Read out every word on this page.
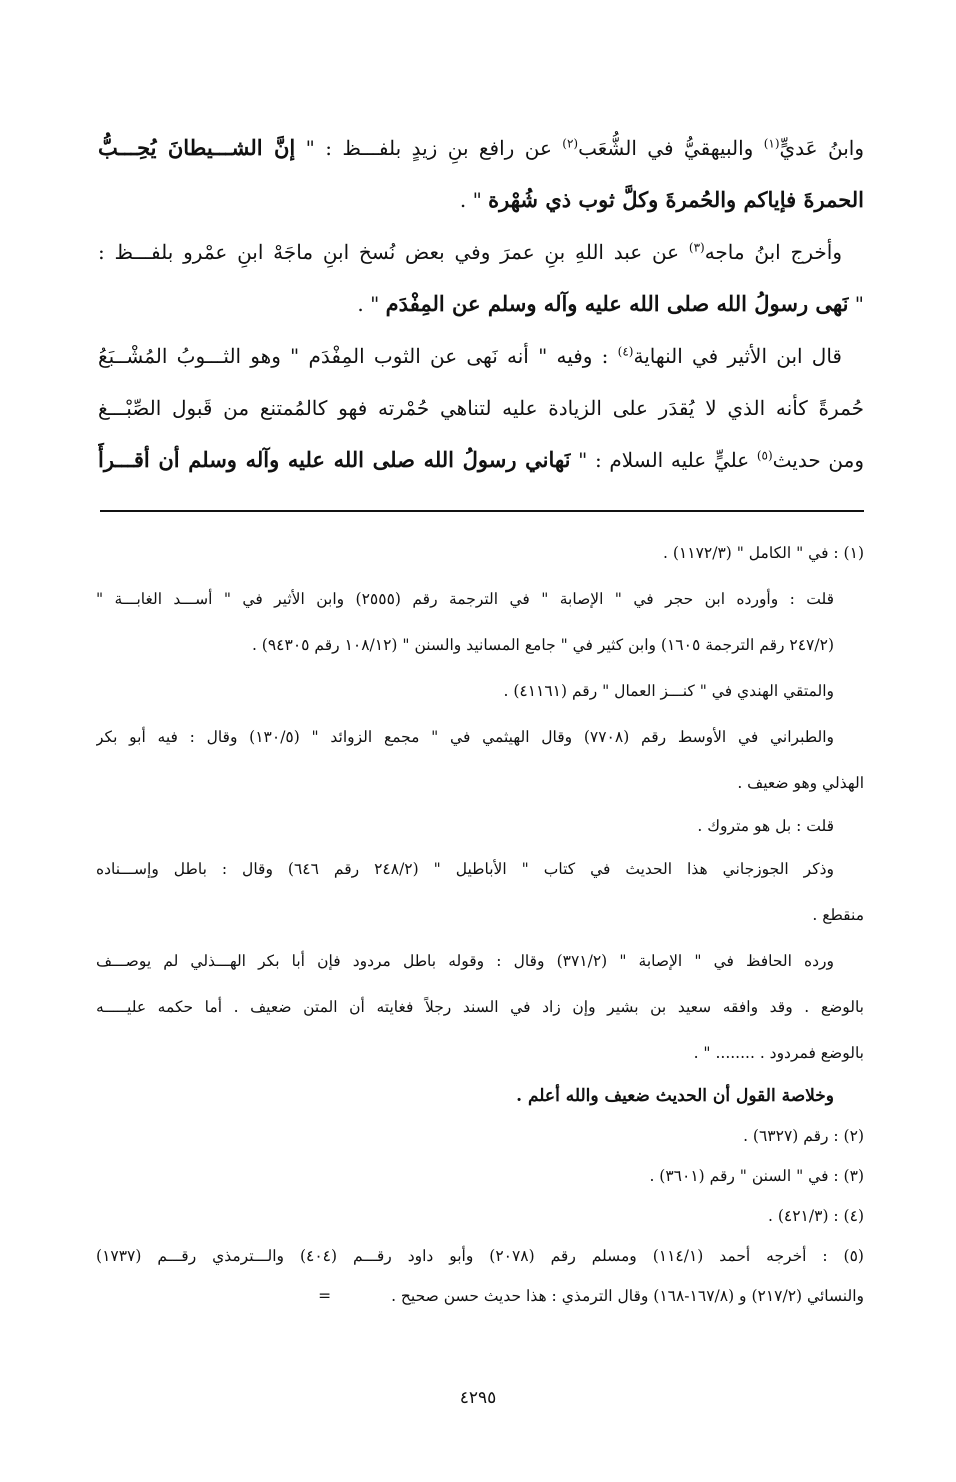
وابنُ عَديٍّ$^{(١)}$ والبيهقيُّ في الشُّعَب$^{(٢)}$ عن رافع بنِ زيدٍ بلفـــظ : " إنَّ الشـــيطانَ يُحِـــبُّ
الحمرةَ فإياكم والحُمرةَ وكلَّ ثوب ذي شُهْرة " .
وأخرج ابنُ ماجه$^{(٣)}$ عن عبد اللهِ بنِ عمرَ وفي بعض نُسخ ابنِ ماجَهْ ابنِ عمْرو بلفـــظ :
" نَهى رسولُ الله صلى الله عليه وآله وسلم عن المِفْدَم " .
قال ابن الأثير في النهاية$^{(٤)}$ : وفيه " أنه نَهى عن الثوب المِفْدَم " وهو الثـــوبُ المُشْــبَعُ
حُمرةً كأنه الذي لا يُقدَر على الزيادة عليه لتناهي حُمْرته فهو كالمُمتنع من قَبول الصِّبْـــغ
ومن حديث$^{(٥)}$ عليٍّ عليه السلام : " نَهاني رسولُ الله صلى الله عليه وآله وسلم أن أقـــرأَ
(١) : في " الكامل " (١١٧٢/٣) .
قلت : وأورده ابن حجر في " الإصابة " في الترجمة رقم (٢٥٥٥) وابن الأثير في " أســـد الغابـــة "
(٢٤٧/٢ رقم الترجمة ١٦٠٥) وابن كثير في " جامع المسانيد والسنن " (١٠٨/١٢ رقم ٩٤٣٠٥) .
والمتقي الهندي في " كنـــز العمال " رقم (٤١١٦١) .
والطبراني في الأوسط رقم (٧٧٠٨) وقال الهيثمي في " مجمع الزوائد " (١٣٠/٥) وقال : فيه أبو بكر
الهذلي وهو ضعيف .
قلت : بل هو متروك .
وذكر الجوزجاني هذا الحديث في كتاب " الأباطيل " (٢٤٨/٢ رقم ٦٤٦) وقال : باطل وإســـناده
منقطع .
ورده الحافظ في " الإصابة " (٣٧١/٢) وقال : وقوله باطل مردود فإن أبا بكر الهـــذلي لم يوصـــف
بالوضع . وقد وافقه سعيد بن بشير وإن زاد في السند رجلاً فغايته أن المتن ضعيف . أما حكمه عليـــــه
بالوضع فمردود . ........ " .
وخلاصة القول أن الحديث ضعيف والله أعلم .
(٢) : رقم (٦٣٢٧) .
(٣) : في " السنن " رقم (٣٦٠١) .
(٤) : (٤٢١/٣) .
(٥) : أخرجه أحمد (١١٤/١) ومسلم رقم (٢٠٧٨) وأبو داود رقـــم (٤٠٤) والـــترمذي رقـــم (١٧٣٧)
والنسائي (٢١٧/٢) و (١٦٧/٨-١٦٨) وقال الترمذي : هذا حديث حسن صحيح .=
٤٢٩٥
